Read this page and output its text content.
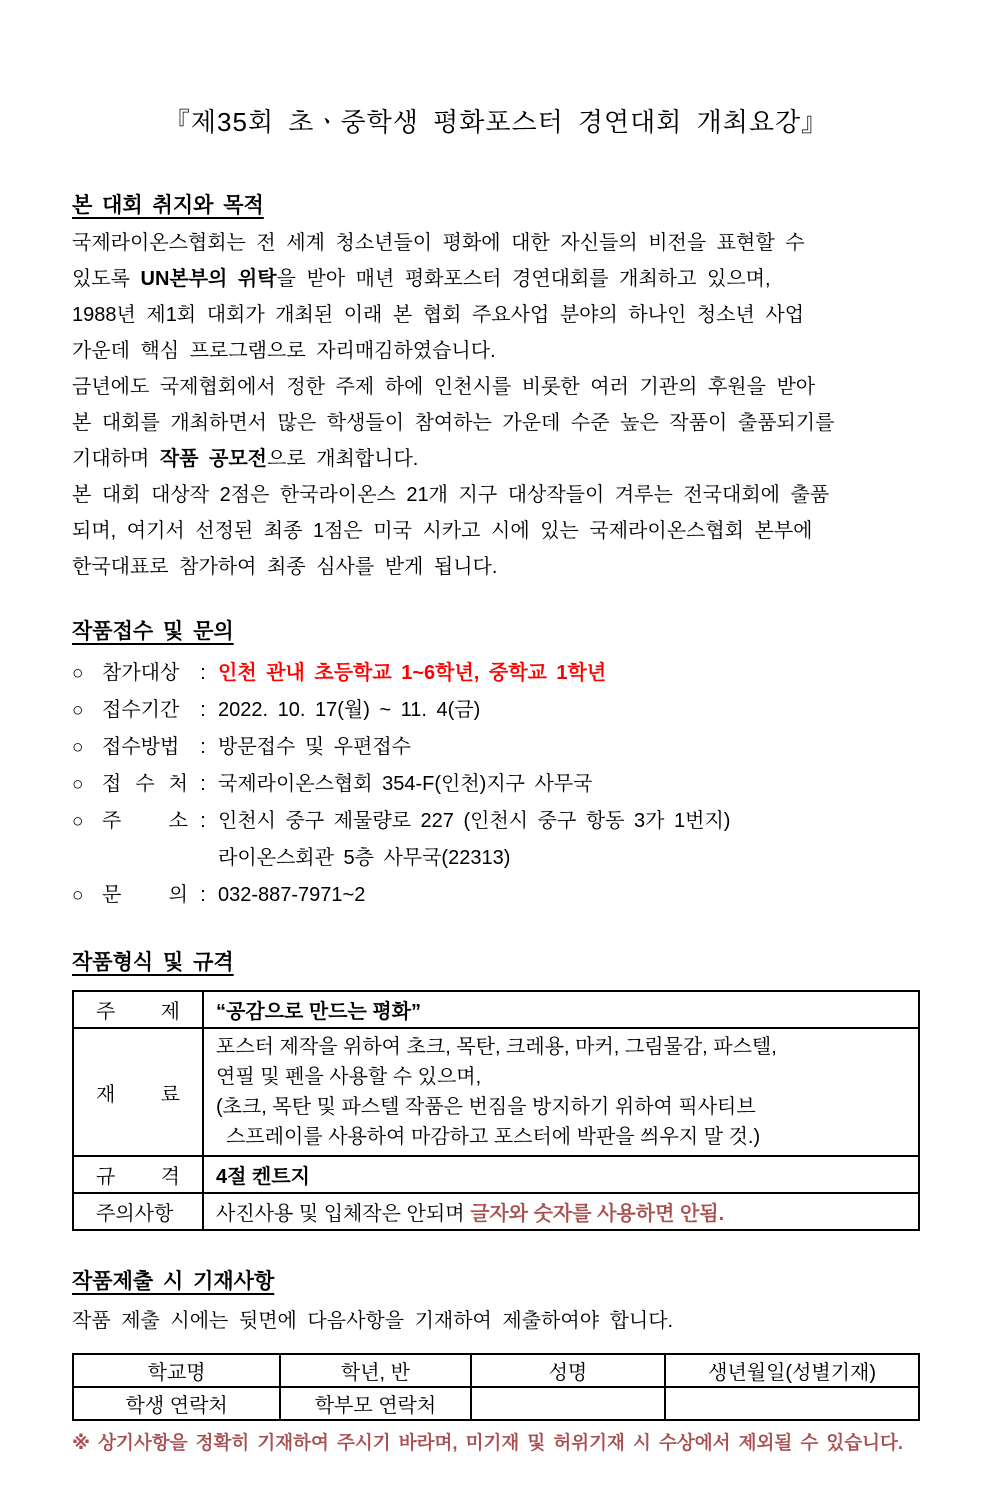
『제35회 초ㆍ중학생 평화포스터 경연대회 개최요강』
본 대회 취지와 목적
국제라이온스협회는 전 세계 청소년들이 평화에 대한 자신들의 비전을 표현할 수
있도록 UN본부의 위탁을 받아 매년 평화포스터 경연대회를 개최하고 있으며,
1988년 제1회 대회가 개최된 이래 본 협회 주요사업 분야의 하나인 청소년 사업
가운데 핵심 프로그램으로 자리매김하였습니다.
금년에도 국제협회에서 정한 주제 하에 인천시를 비롯한 여러 기관의 후원을 받아
본 대회를 개최하면서 많은 학생들이 참여하는 가운데 수준 높은 작품이 출품되기를
기대하며 작품 공모전으로 개최합니다.
본 대회 대상작 2점은 한국라이온스 21개 지구 대상작들이 겨루는 전국대회에 출품
되며, 여기서 선정된 최종 1점은 미국 시카고 시에 있는 국제라이온스협회 본부에
한국대표로 참가하여 최종 심사를 받게 됩니다.
작품접수 및 문의
○ 참가대상	: 인천 관내 초등학교 1~6학년, 중학교 1학년
○ 접수기간	: 2022. 10. 17(월) ~ 11. 4(금)
○ 접수방법	: 방문접수 및 우편접수
○ 접 수 처 : 국제라이온스협회 354-F(인천)지구 사무국
○ 주 소 : 인천시 중구 제물량로 227 (인천시 중구 항동 3가 1번지)
라이온스회관 5층 사무국(22313)
○ 문 의 : 032-887-7971~2
작품형식 및 규격
주 제	“공감으로 만드는 평화”

재 료	포스터 제작을 위하여 초크, 목탄, 크레용, 마커, 그림물감, 파스텔,
연필 및 펜을 사용할 수 있으며,
(초크, 목탄 및 파스텔 작품은 번짐을 방지하기 위하여 픽사티브
스프레이를 사용하여 마감하고 포스터에 박판을 씌우지 말 것.)

규 격	4절 켄트지

주의사항	사진사용 및 입체작은 안되며 글자와 숫자를 사용하면 안됨.
작품제출 시 기재사항
작품 제출 시에는 뒷면에 다음사항을 기재하여 제출하여야 합니다.
학교명	학년, 반	성명	생년월일(성별기재)
학생 연락처	학부모 연락처		
※ 상기사항을 정확히 기재하여 주시기 바라며, 미기재 및 허위기재 시 수상에서 제외될 수 있습니다.
